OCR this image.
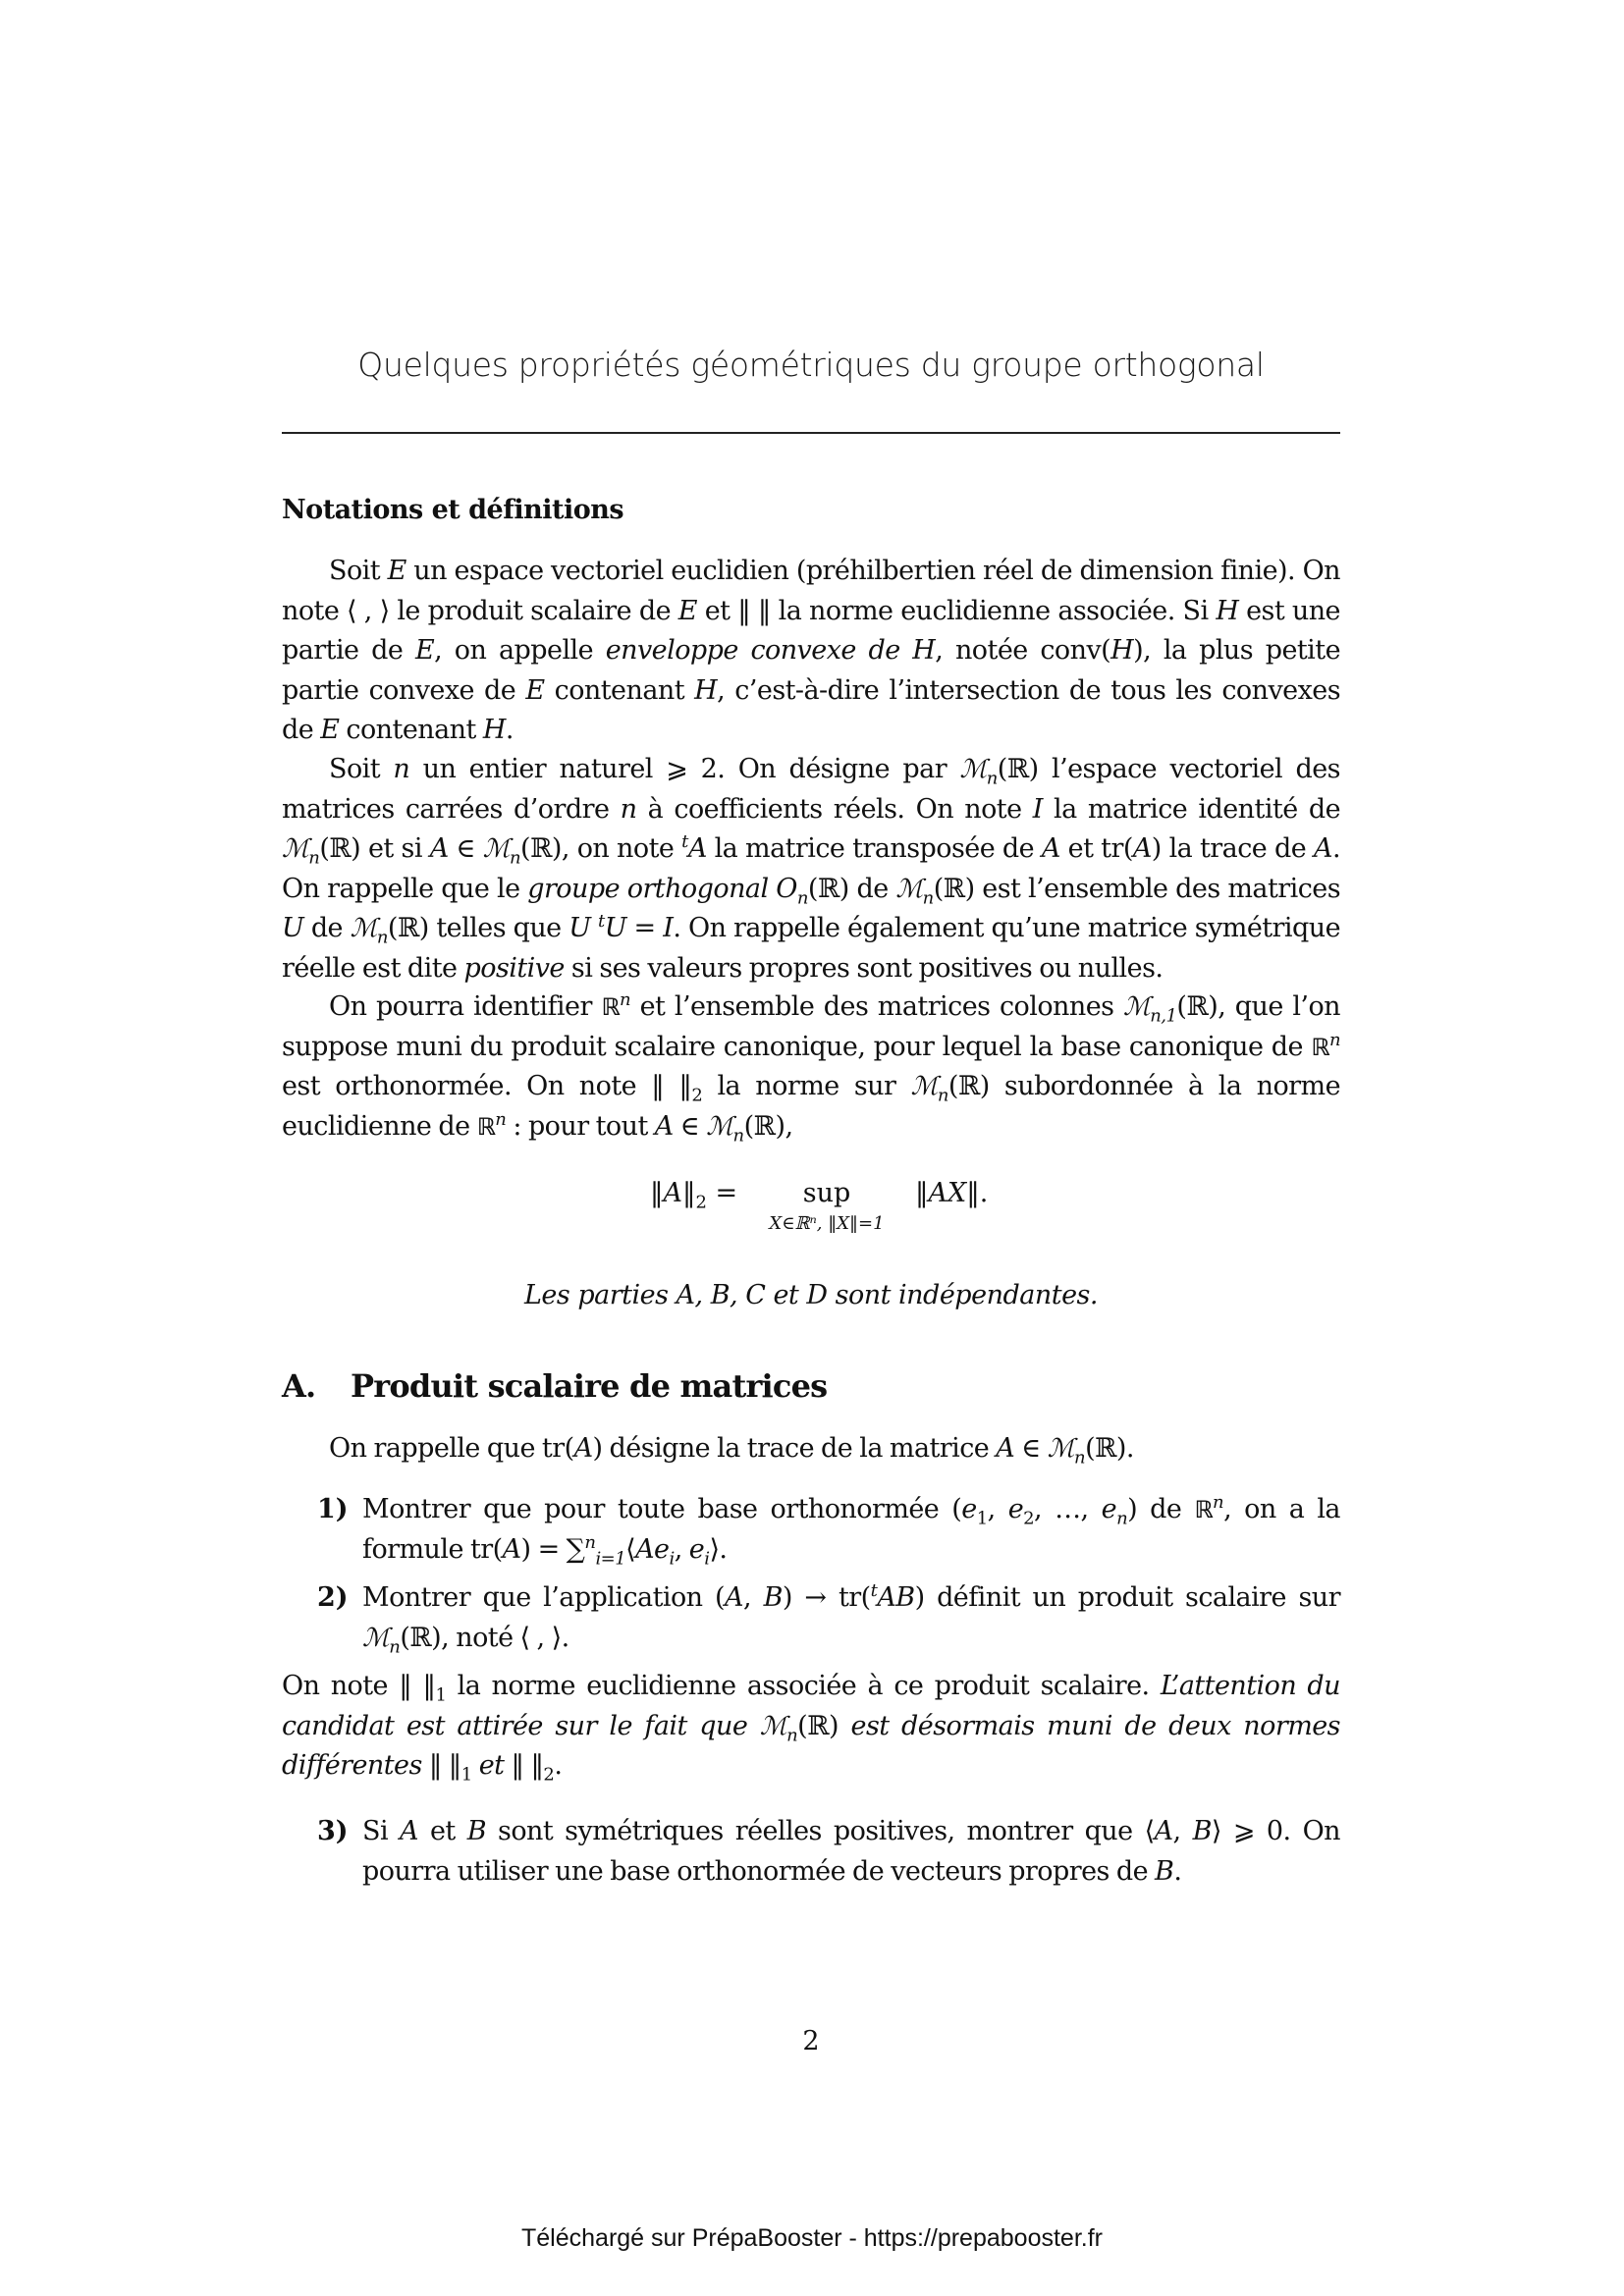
Quelques propriétés géométriques du groupe orthogonal
Notations et définitions
Soit E un espace vectoriel euclidien (préhilbertien réel de dimension finie). On note ⟨ , ⟩ le produit scalaire de E et ‖ ‖ la norme euclidienne associée. Si H est une partie de E, on appelle enveloppe convexe de H, notée conv(H), la plus petite partie convexe de E contenant H, c’est-à-dire l’intersection de tous les convexes de E contenant H.
Soit n un entier naturel ⩾ 2. On désigne par ℳ$_n$(ℝ) l’espace vectoriel des matrices carrées d’ordre n à coefficients réels. On note I la matrice identité de ℳ$_n$(ℝ) et si A ∈ ℳ$_n$(ℝ), on note $^t$A la matrice transposée de A et tr(A) la trace de A. On rappelle que le groupe orthogonal $O_n(ℝ)$ de ℳ$_n$(ℝ) est l’ensemble des matrices U de ℳ$_n$(ℝ) telles que U $^t$U = I. On rappelle également qu’une matrice symétrique réelle est dite positive si ses valeurs propres sont positives ou nulles.
On pourra identifier ℝ$^n$ et l’ensemble des matrices colonnes ℳ$_{n,1}$(ℝ), que l’on suppose muni du produit scalaire canonique, pour lequel la base canonique de ℝ$^n$ est orthonormée. On note ‖ $‖_2$ la norme sur ℳ$_n$(ℝ) subordonnée à la norme euclidienne de ℝ$^n$ : pour tout A ∈ ℳ$_n$(ℝ),
$‖A‖_2$ =	sup
X∈ℝⁿ, ‖X‖=1
‖AX‖.
Les parties A, B, C et D sont indépendantes.
A. Produit scalaire de matrices
On rappelle que tr(A) désigne la trace de la matrice A ∈ ℳ$_n$(ℝ).
1) Montrer que pour toute base orthonormée ($e_1$, $e_2$, …, $e_n$) de ℝ$^n$, on a la formule $tr(A) = \sum^n_{i=1}⟨Ae_i$, $e_i⟩$.
2) Montrer que l’application (A, B) → tr($^t$AB) définit un produit scalaire sur ℳ$_n$(ℝ), noté ⟨ , ⟩.
On note ‖ $‖_1$ la norme euclidienne associée à ce produit scalaire. L’attention du candidat est attirée sur le fait que ℳ$_n$(ℝ) est désormais muni de deux normes différentes ‖ $‖_1$ et ‖ $‖_2$.
3) Si A et B sont symétriques réelles positives, montrer que ⟨A, B⟩ ⩾ 0. On pourra utiliser une base orthonormée de vecteurs propres de B.
2
Téléchargé sur PrépaBooster - https://prepabooster.fr
